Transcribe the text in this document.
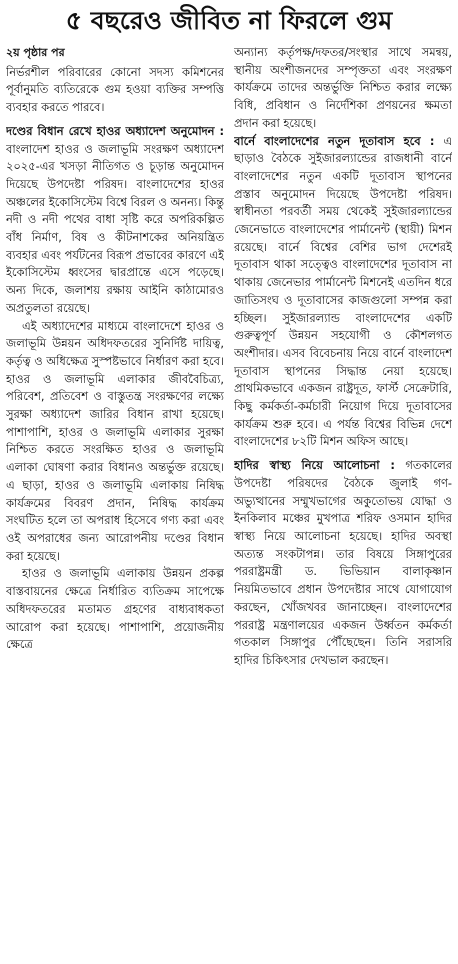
৫ বছরেও জীবিত না ফিরলে গুম
২য় পৃষ্ঠার পর

নির্ভরশীল পরিবারের কোনো সদস্য কমিশনের পূর্বানুমতি ব্যতিরেকে গুম হওয়া ব্যক্তির সম্পত্তি ব্যবহার করতে পারবে।

দণ্ডের বিধান রেখে হাওর অধ্যাদেশ অনুমোদন : বাংলাদেশ হাওর ও জলাভূমি সংরক্ষণ অধ্যাদেশ ২০২৫-এর খসড়া নীতিগত ও চূড়ান্ত অনুমোদন দিয়েছে উপদেষ্টা পরিষদ। বাংলাদেশের হাওর অঞ্চলের ইকোসিস্টেম বিশ্বে বিরল ও অনন্য। কিন্তু নদী ও নদী পথের বাধা সৃষ্টি করে অপরিকল্পিত বাঁধ নির্মাণ, বিষ ও কীটনাশকের অনিয়ন্ত্রিত ব্যবহার এবং পর্যটনের বিরূপ প্রভাবের কারণে এই ইকোসিস্টেম ধ্বংসের দ্বারপ্রান্তে এসে পড়েছে। অন্য দিকে, জলাশয় রক্ষায় আইনি কাঠামোরও অপ্রতুলতা রয়েছে।

এই অধ্যাদেশের মাধ্যমে বাংলাদেশে হাওর ও জলাভূমি উন্নয়ন অধিদফতরের সুনির্দিষ্ট দায়িত্ব, কর্তৃত্ব ও অধিক্ষেত্র সুস্পষ্টভাবে নির্ধারণ করা হবে। হাওর ও জলাভূমি এলাকার জীববৈচিত্র্য, পরিবেশ, প্রতিবেশ ও বাস্তুতন্ত্র সংরক্ষণের লক্ষ্যে সুরক্ষা অধ্যাদেশ জারির বিধান রাখা হয়েছে। পাশাপাশি, হাওর ও জলাভূমি এলাকার সুরক্ষা নিশ্চিত করতে সংরক্ষিত হাওর ও জলাভূমি এলাকা ঘোষণা করার বিধানও অন্তর্ভুক্ত রয়েছে। এ ছাড়া, হাওর ও জলাভূমি এলাকায় নিষিদ্ধ কার্যক্রমের বিবরণ প্রদান, নিষিদ্ধ কার্যক্রম সংঘটিত হলে তা অপরাধ হিসেবে গণ্য করা এবং ওই অপরাধের জন্য আরোপনীয় দণ্ডের বিধান করা হয়েছে।

হাওর ও জলাভূমি এলাকায় উন্নয়ন প্রকল্প বাস্তবায়নের ক্ষেত্রে নির্ধারিত ব্যতিক্রম সাপেক্ষে অধিদফতরের মতামত গ্রহণের বাধ্যবাধকতা আরোপ করা হয়েছে। পাশাপাশি, প্রয়োজনীয় ক্ষেত্রে

অন্যান্য কর্তৃপক্ষ/দফতর/সংস্থার সাথে সমন্বয়, স্থানীয় অংশীজনদের সম্পৃক্ততা এবং সংরক্ষণ কার্যক্রমে তাদের অন্তর্ভুক্তি নিশ্চিত করার লক্ষ্যে বিধি, প্রবিধান ও নির্দেশিকা প্রণয়নের ক্ষমতা প্রদান করা হয়েছে।

বার্নে বাংলাদেশের নতুন দূতাবাস হবে : এ ছাড়াও বৈঠকে সুইজারল্যান্ডের রাজধানী বার্নে বাংলাদেশের নতুন একটি দূতাবাস স্থাপনের প্রস্তাব অনুমোদন দিয়েছে উপদেষ্টা পরিষদ। স্বাধীনতা পরবর্তী সময় থেকেই সুইজারল্যান্ডের জেনেভাতে বাংলাদেশের পার্মানেন্ট (স্থায়ী) মিশন রয়েছে। বার্নে বিশ্বের বেশির ভাগ দেশেরই দূতাবাস থাকা সত্ত্বেও বাংলাদেশের দূতাবাস না থাকায় জেনেভার পার্মানেন্ট মিশনেই এতদিন ধরে জাতিসংঘ ও দূতাবাসের কাজগুলো সম্পন্ন করা হচ্ছিল। সুইজারল্যান্ড বাংলাদেশের একটি গুরুত্বপূর্ণ উন্নয়ন সহযোগী ও কৌশলগত অংশীদার। এসব বিবেচনায় নিয়ে বার্নে বাংলাদেশ দূতাবাস স্থাপনের সিদ্ধান্ত নেয়া হয়েছে। প্রাথমিকভাবে একজন রাষ্ট্রদূত, ফার্স্ট সেক্রেটারি, কিছু কর্মকর্তা-কর্মচারী নিয়োগ দিয়ে দূতাবাসের কার্যক্রম শুরু হবে। এ পর্যন্ত বিশ্বের বিভিন্ন দেশে বাংলাদেশের ৮২টি মিশন অফিস আছে।

হাদির স্বাস্থ্য নিয়ে আলোচনা : গতকালের উপদেষ্টা পরিষদের বৈঠকে জুলাই গণ-অভ্যুত্থানের সম্মুখভাগের অকুতোভয় যোদ্ধা ও ইনকিলাব মঞ্চের মুখপাত্র শরিফ ওসমান হাদির স্বাস্থ্য নিয়ে আলোচনা হয়েছে। হাদির অবস্থা অত্যন্ত সংকটাপন্ন। তার বিষয়ে সিঙ্গাপুরের পররাষ্ট্রমন্ত্রী ড. ভিভিয়ান বালাকৃষ্ণান নিয়মিতভাবে প্রধান উপদেষ্টার সাথে যোগাযোগ করছেন, খোঁজখবর জানাচ্ছেন। বাংলাদেশের পররাষ্ট্র মন্ত্রণালয়ের একজন উর্ধ্বতন কর্মকর্তা গতকাল সিঙ্গাপুর পৌঁছেছেন। তিনি সরাসরি হাদির চিকিৎসার দেখভাল করছেন।
